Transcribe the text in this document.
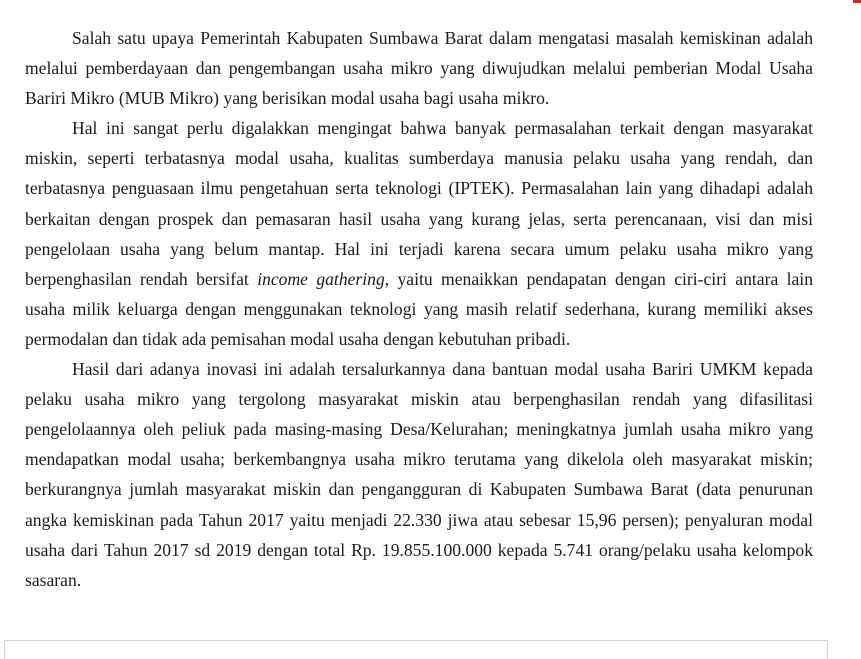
Salah satu upaya Pemerintah Kabupaten Sumbawa Barat dalam mengatasi masalah kemiskinan adalah melalui pemberdayaan dan pengembangan usaha mikro yang diwujudkan melalui pemberian Modal Usaha Bariri Mikro (MUB Mikro) yang berisikan modal usaha bagi usaha mikro.

Hal ini sangat perlu digalakkan mengingat bahwa banyak permasalahan terkait dengan masyarakat miskin, seperti terbatasnya modal usaha, kualitas sumberdaya manusia pelaku usaha yang rendah, dan terbatasnya penguasaan ilmu pengetahuan serta teknologi (IPTEK). Permasalahan lain yang dihadapi adalah berkaitan dengan prospek dan pemasaran hasil usaha yang kurang jelas, serta perencanaan, visi dan misi pengelolaan usaha yang belum mantap. Hal ini terjadi karena secara umum pelaku usaha mikro yang berpenghasilan rendah bersifat income gathering, yaitu menaikkan pendapatan dengan ciri-ciri antara lain usaha milik keluarga dengan menggunakan teknologi yang masih relatif sederhana, kurang memiliki akses permodalan dan tidak ada pemisahan modal usaha dengan kebutuhan pribadi.

Hasil dari adanya inovasi ini adalah tersalurkannya dana bantuan modal usaha Bariri UMKM kepada pelaku usaha mikro yang tergolong masyarakat miskin atau berpenghasilan rendah yang difasilitasi pengelolaannya oleh peliuk pada masing-masing Desa/Kelurahan; meningkatnya jumlah usaha mikro yang mendapatkan modal usaha; berkembangnya usaha mikro terutama yang dikelola oleh masyarakat miskin; berkurangnya jumlah masyarakat miskin dan pengangguran di Kabupaten Sumbawa Barat (data penurunan angka kemiskinan pada Tahun 2017 yaitu menjadi 22.330 jiwa atau sebesar 15,96 persen); penyaluran modal usaha dari Tahun 2017 sd 2019 dengan total Rp. 19.855.100.000 kepada 5.741 orang/pelaku usaha kelompok sasaran.
